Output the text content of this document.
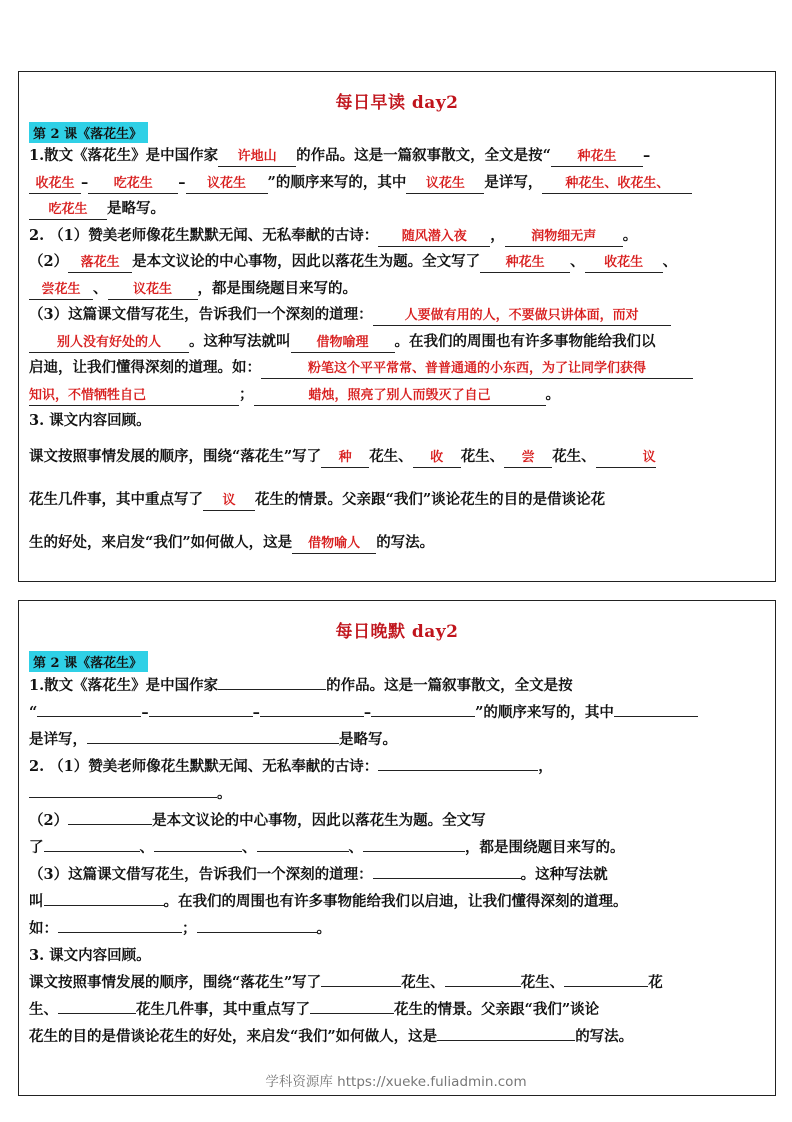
每日早读 day2
第 2 课《落花生》
1.散文《落花生》是中国作家 许地山 的作品。这是一篇叙事散文，全文是按“ 种花生 –
收花生 – 吃花生 – 议花生 ”的顺序来写的，其中 议花生 是详写， 种花生、收花生、
吃花生 是略写。
2. （1）赞美老师像花生默默无闻、无私奉献的古诗： 随风潜入夜 ， 润物细无声 。
（2） 落花生 是本文议论的中心事物，因此以落花生为题。全文写了 种花生 、 收花生 、
尝花生 、 议花生 ，都是围绕题目来写的。
（3）这篇课文借写花生，告诉我们一个深刻的道理： 人要做有用的人，不要做只讲体面，而对
别人没有好处的人 。这种写法就叫 借物喻理 。在我们的周围也有许多事物能给我们以
启迪，让我们懂得深刻的道理。如：	粉笔这个平平常常、普普通通的小东西，为了让同学们获得
知识，不惜牺牲自己	；	蜡烛，照亮了别人而毁灭了自己	。
3. 课文内容回顾。
课文按照事情发展的顺序，围绕“落花生”写了 种 花生、 收 花生、 尝 花生、	议
花生几件事，其中重点写了 议 花生的情景。父亲跟“我们”谈论花生的目的是借谈论花
生的好处，来启发“我们”如何做人，这是 借物喻人 的写法。
每日晚默 day2
第 2 课《落花生》
1.散文《落花生》是中国作家	的作品。这是一篇叙事散文，全文是按
“	–	–	–	”的顺序来写的，其中
是详写，	是略写。
2. （1）赞美老师像花生默默无闻、无私奉献的古诗：	，
。
（2）	是本文议论的中心事物，因此以落花生为题。全文写
了	、	、	、	，都是围绕题目来写的。
（3）这篇课文借写花生，告诉我们一个深刻的道理：	。这种写法就
叫	。在我们的周围也有许多事物能给我们以启迪，让我们懂得深刻的道理。
如：	；	。
3. 课文内容回顾。
课文按照事情发展的顺序，围绕“落花生”写了	花生、	花生、	花
生、	花生几件事，其中重点写了	花生的情景。父亲跟“我们”谈论
花生的目的是借谈论花生的好处，来启发“我们”如何做人，这是	的写法。
学科资源库 https://xueke.fuliadmin.com
